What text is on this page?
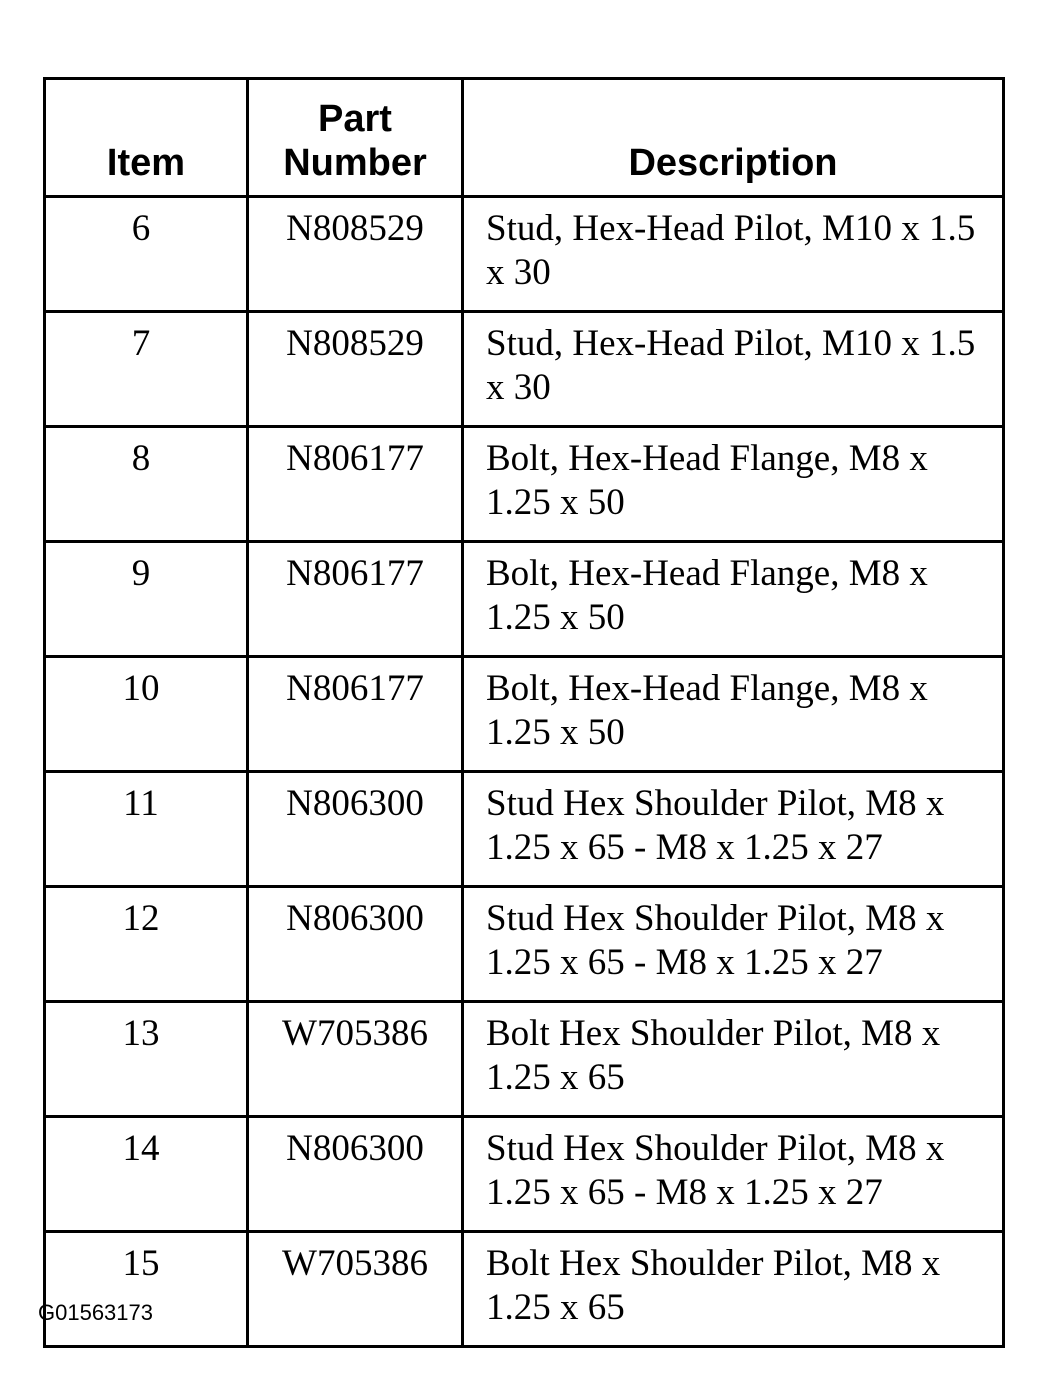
Item	Part Number	Description
6	N808529	Stud, Hex-Head Pilot, M10 x 1.5 x 30
7	N808529	Stud, Hex-Head Pilot, M10 x 1.5 x 30
8	N806177	Bolt, Hex-Head Flange, M8 x 1.25 x 50
9	N806177	Bolt, Hex-Head Flange, M8 x 1.25 x 50
10	N806177	Bolt, Hex-Head Flange, M8 x 1.25 x 50
11	N806300	Stud Hex Shoulder Pilot, M8 x 1.25 x 65 - M8 x 1.25 x 27
12	N806300	Stud Hex Shoulder Pilot, M8 x 1.25 x 65 - M8 x 1.25 x 27
13	W705386	Bolt Hex Shoulder Pilot, M8 x 1.25 x 65
14	N806300	Stud Hex Shoulder Pilot, M8 x 1.25 x 65 - M8 x 1.25 x 27
15	W705386	Bolt Hex Shoulder Pilot, M8 x 1.25 x 65
G01563173
